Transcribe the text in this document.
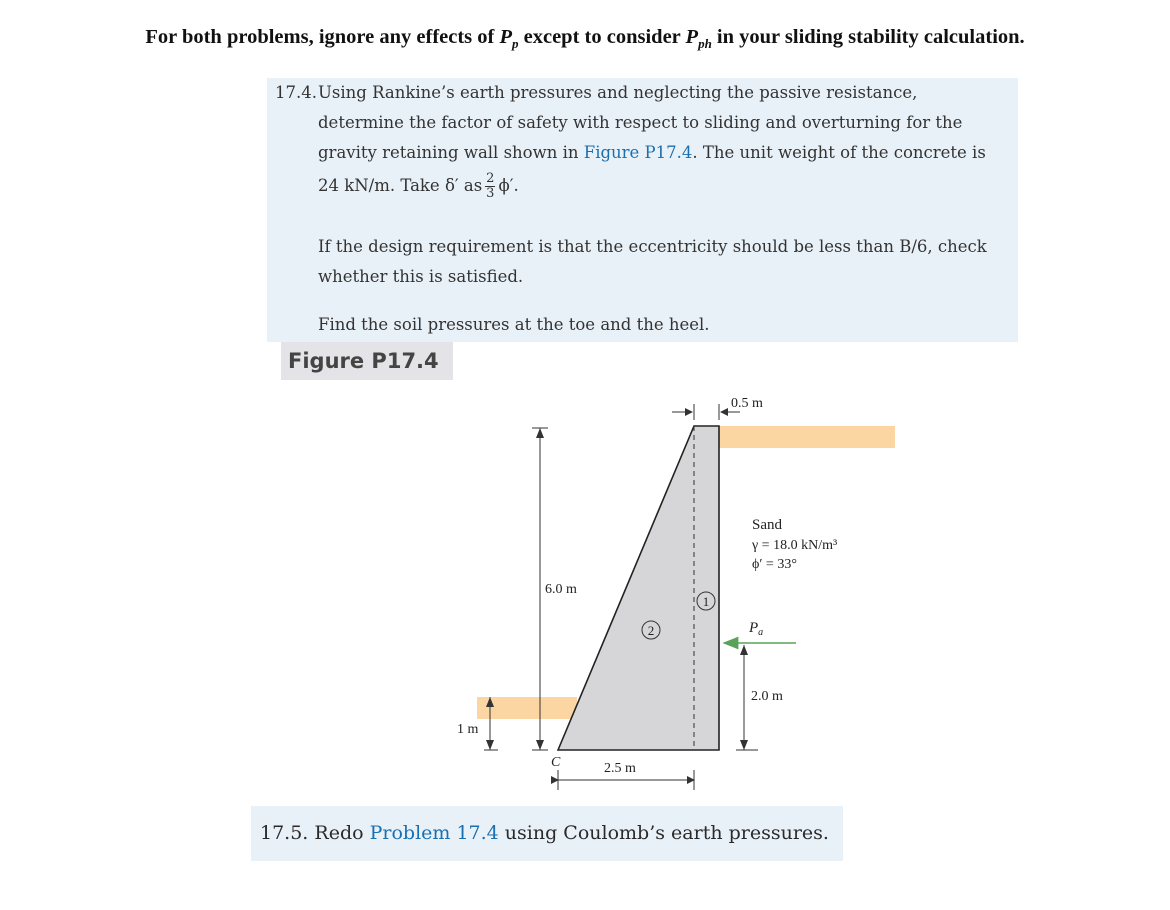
For both problems, ignore any effects of $P_p$ except to consider $P_{ph}$ in your sliding stability calculation.
17.4. Using Rankine’s earth pressures and neglecting the passive resistance,
determine the factor of safety with respect to sliding and overturning for the
gravity retaining wall shown in Figure P17.4. The unit weight of the concrete is
24 kN/m. Take δ′ as $\frac{2}{3} \phi'$.
If the design requirement is that the eccentricity should be less than B/6, check
whether this is satisfied.
Find the soil pressures at the toe and the heel.
Figure P17.4
1
2
0.5 m
6.0 m
Sand
γ = 18.0 kN/m³
ϕ′ = 33°
$P_a$
2.0 m
1 m
2.5 m
C
17.5. Redo Problem 17.4 using Coulomb’s earth pressures.
